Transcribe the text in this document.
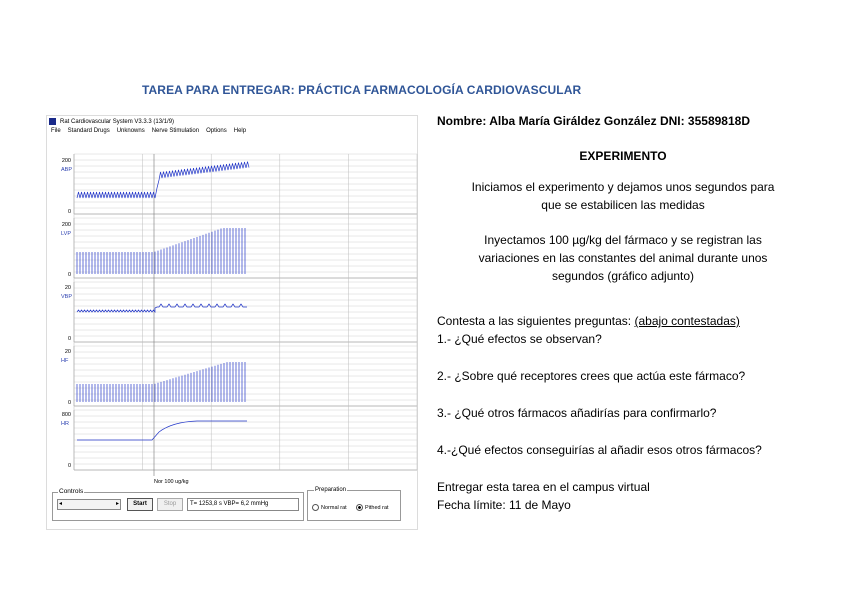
TAREA PARA ENTREGAR: PRÁCTICA FARMACOLOGÍA CARDIOVASCULAR
Rat Cardiovascular System V3.3.3 (13/1/9)
File Standard Drugs Unknowns Nerve Stimulation Options Help
200
ABP
0
200
LVP
0
20
VBP
0
20
HF
0
800
HR
0
Nor 100 ug/kg
Controls
◂	▸	Start	Stop	T= 1253,8 s VBP= 6,2 mmHg
Preparation
Normal rat	Pithed rat
Nombre: Alba María Giráldez González DNI: 35589818D
EXPERIMENTO
Iniciamos el experimento y dejamos unos segundos para
que se estabilicen las medidas
Inyectamos 100 µg/kg del fármaco y se registran las
variaciones en las constantes del animal durante unos
segundos (gráfico adjunto)
Contesta a las siguientes preguntas: (abajo contestadas)
1.- ¿Qué efectos se observan?
2.- ¿Sobre qué receptores crees que actúa este fármaco?
3.- ¿Qué otros fármacos añadirías para confirmarlo?
4.-¿Qué efectos conseguirías al añadir esos otros fármacos?
Entregar esta tarea en el campus virtual
Fecha límite: 11 de Mayo
